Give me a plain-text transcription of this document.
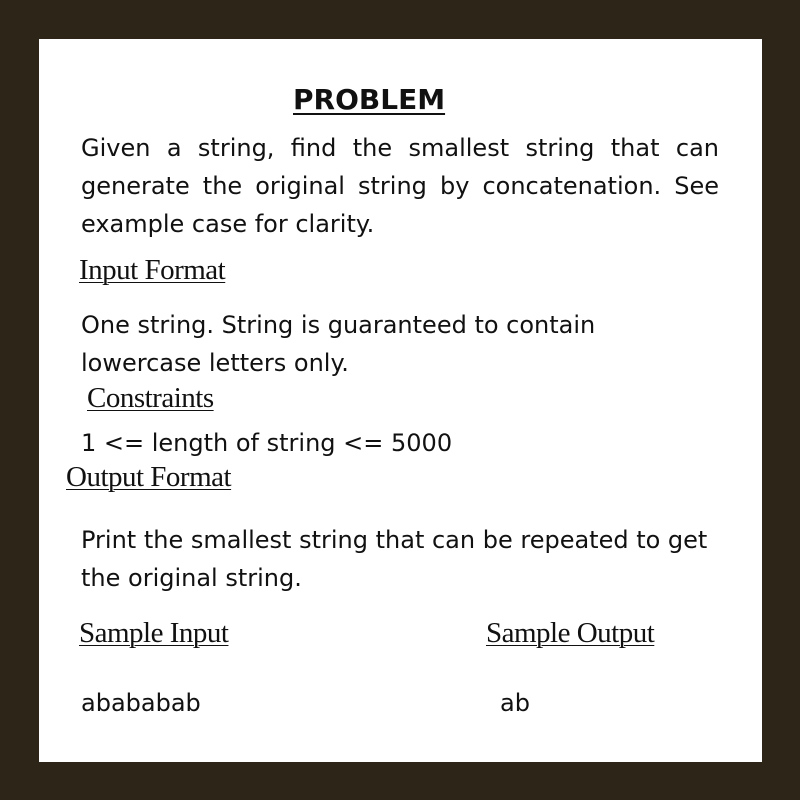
PROBLEM
Given a string, find the smallest string that can generate the original string by concatenation. See example case for clarity.
Input Format
One string. String is guaranteed to contain lowercase letters only.
Constraints
1 <= length of string <= 5000
Output Format
Print the smallest string that can be repeated to get the original string.
Sample Input	Sample Output
abababab	ab
